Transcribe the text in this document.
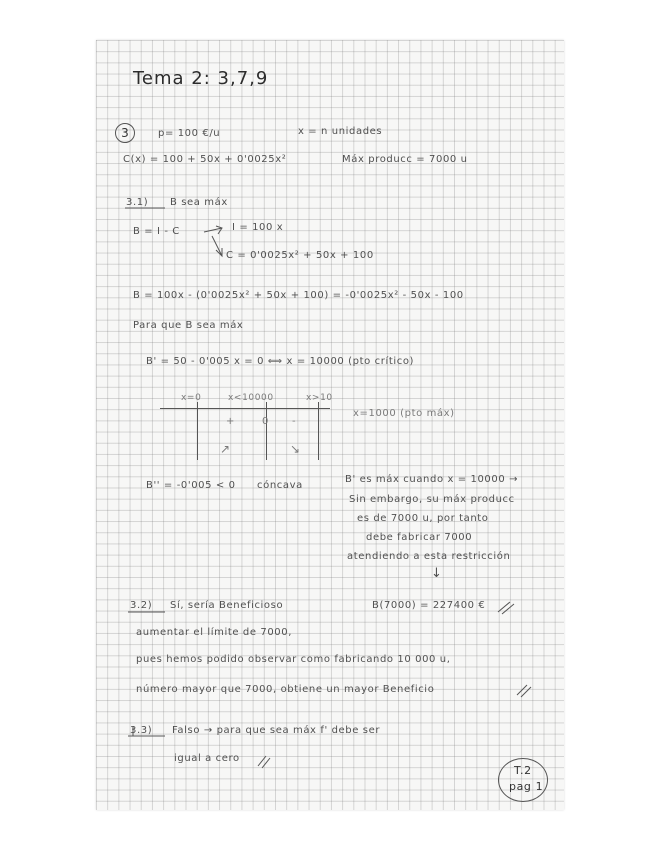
Tema 2: 3,7,9
3	p= 100 €/u	x = n unidades
C(x) = 100 + 50x + 0'0025x²	Máx producc = 7000 u
3.1) B sea máx
B = I - C	I = 100 x
C = 0'0025x² + 50x + 100
B = 100x - (0'0025x² + 50x + 100) = -0'0025x² - 50x - 100
Para que B sea máx
B' = 50 - 0'005 x = 0 ⟺ x = 10000 (pto crítico)
x=0	x<10000	x>10
+	0 -
↗	↘
x=1000 (pto máx)
B'' = -0'005 < 0 cóncava
B' es máx cuando x = 10000 →
Sin embargo, su máx producc
es de 7000 u, por tanto
debe fabricar 7000
atendiendo a esta restricción
↓
3.2) Sí, sería Beneficioso	B(7000) = 227400 €
aumentar el límite de 7000,
pues hemos podido observar como fabricando 10 000 u,
número mayor que 7000, obtiene un mayor Beneficio
3.3) Falso → para que sea máx f' debe ser
igual a cero
T.2
pag 1
